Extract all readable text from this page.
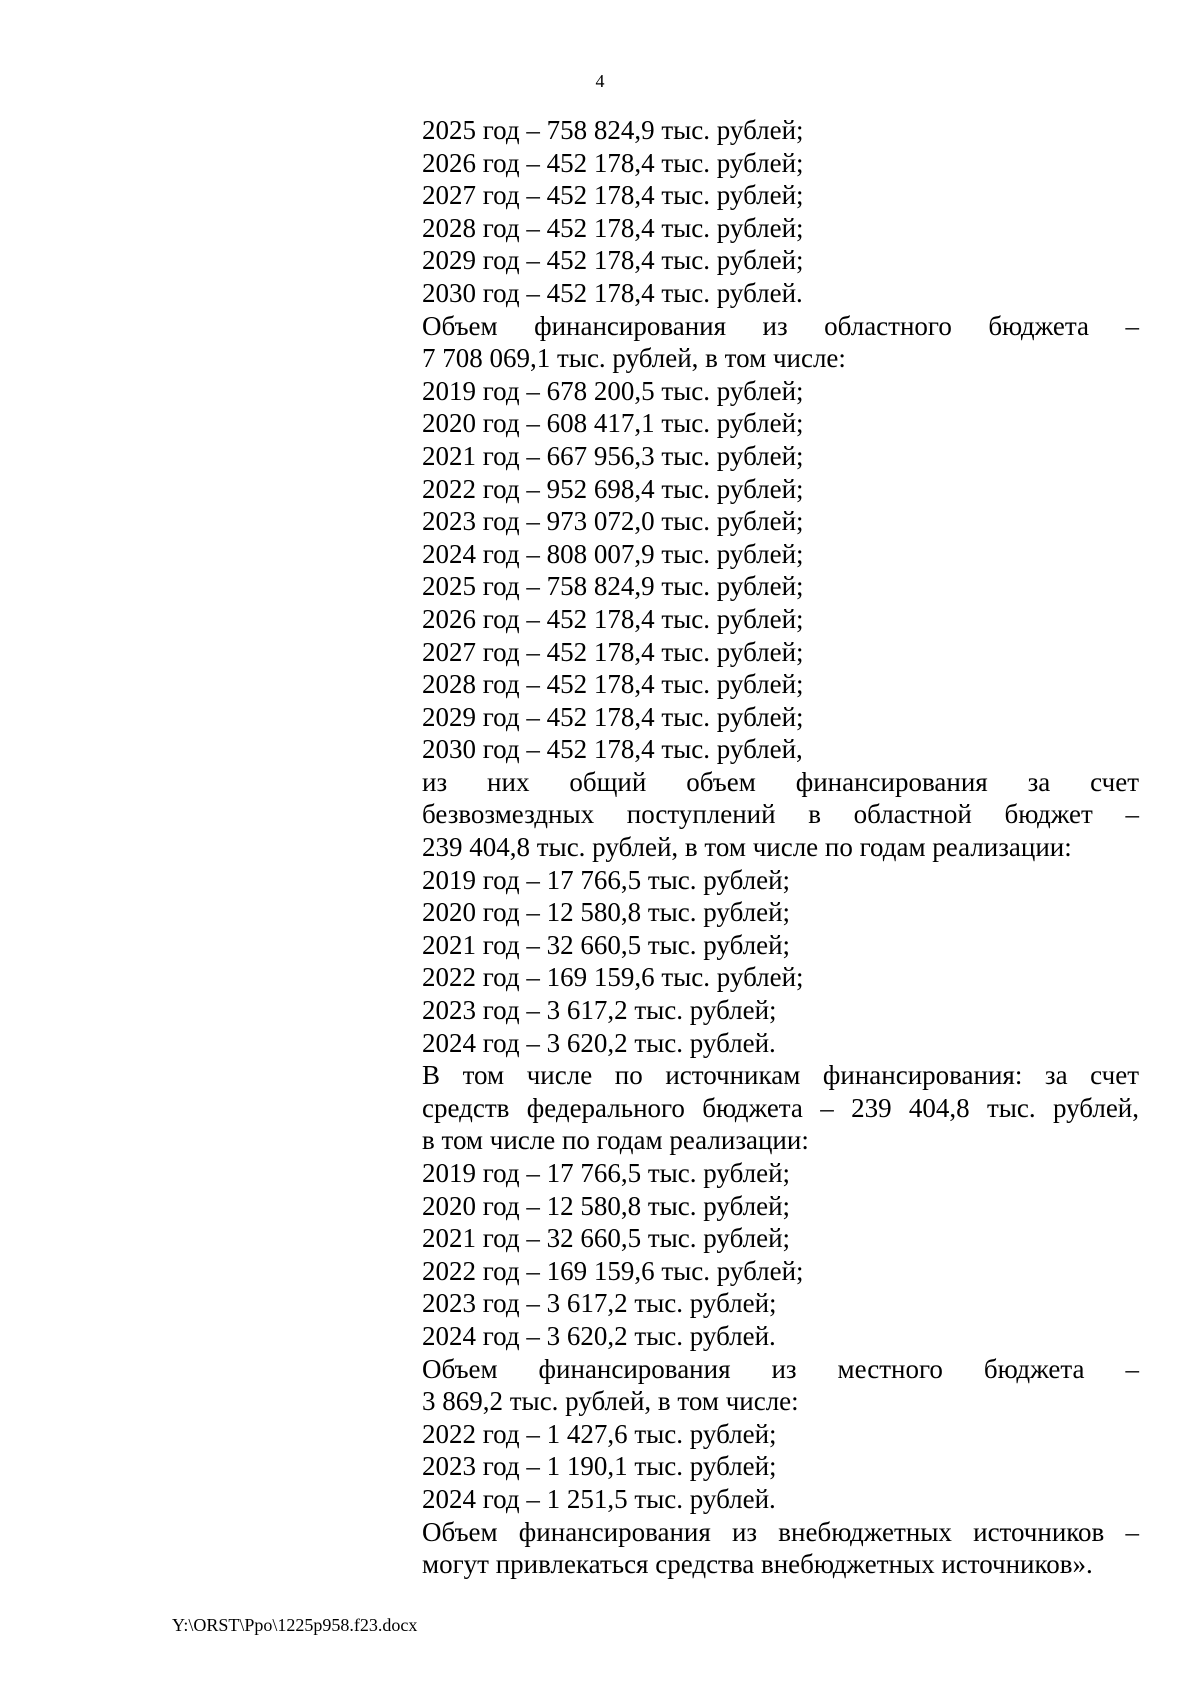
4
2025 год – 758 824,9 тыс. рублей;
2026 год – 452 178,4 тыс. рублей;
2027 год – 452 178,4 тыс. рублей;
2028 год – 452 178,4 тыс. рублей;
2029 год – 452 178,4 тыс. рублей;
2030 год – 452 178,4 тыс. рублей.
Объем финансирования из областного бюджета –
7 708 069,1 тыс. рублей, в том числе:
2019 год – 678 200,5 тыс. рублей;
2020 год – 608 417,1 тыс. рублей;
2021 год – 667 956,3 тыс. рублей;
2022 год – 952 698,4 тыс. рублей;
2023 год – 973 072,0 тыс. рублей;
2024 год – 808 007,9 тыс. рублей;
2025 год – 758 824,9 тыс. рублей;
2026 год – 452 178,4 тыс. рублей;
2027 год – 452 178,4 тыс. рублей;
2028 год – 452 178,4 тыс. рублей;
2029 год – 452 178,4 тыс. рублей;
2030 год – 452 178,4 тыс. рублей,
из них общий объем финансирования за счет
безвозмездных поступлений в областной бюджет –
239 404,8 тыс. рублей, в том числе по годам реализации:
2019 год – 17 766,5 тыс. рублей;
2020 год – 12 580,8 тыс. рублей;
2021 год – 32 660,5 тыс. рублей;
2022 год – 169 159,6 тыс. рублей;
2023 год – 3 617,2 тыс. рублей;
2024 год – 3 620,2 тыс. рублей.
В том числе по источникам финансирования: за счет
средств федерального бюджета – 239 404,8 тыс. рублей,
в том числе по годам реализации:
2019 год – 17 766,5 тыс. рублей;
2020 год – 12 580,8 тыс. рублей;
2021 год – 32 660,5 тыс. рублей;
2022 год – 169 159,6 тыс. рублей;
2023 год – 3 617,2 тыс. рублей;
2024 год – 3 620,2 тыс. рублей.
Объем финансирования из местного бюджета –
3 869,2 тыс. рублей, в том числе:
2022 год – 1 427,6 тыс. рублей;
2023 год – 1 190,1 тыс. рублей;
2024 год – 1 251,5 тыс. рублей.
Объем финансирования из внебюджетных источников –
могут привлекаться средства внебюджетных источников».
Y:\ORST\Ppo\1225p958.f23.docx
